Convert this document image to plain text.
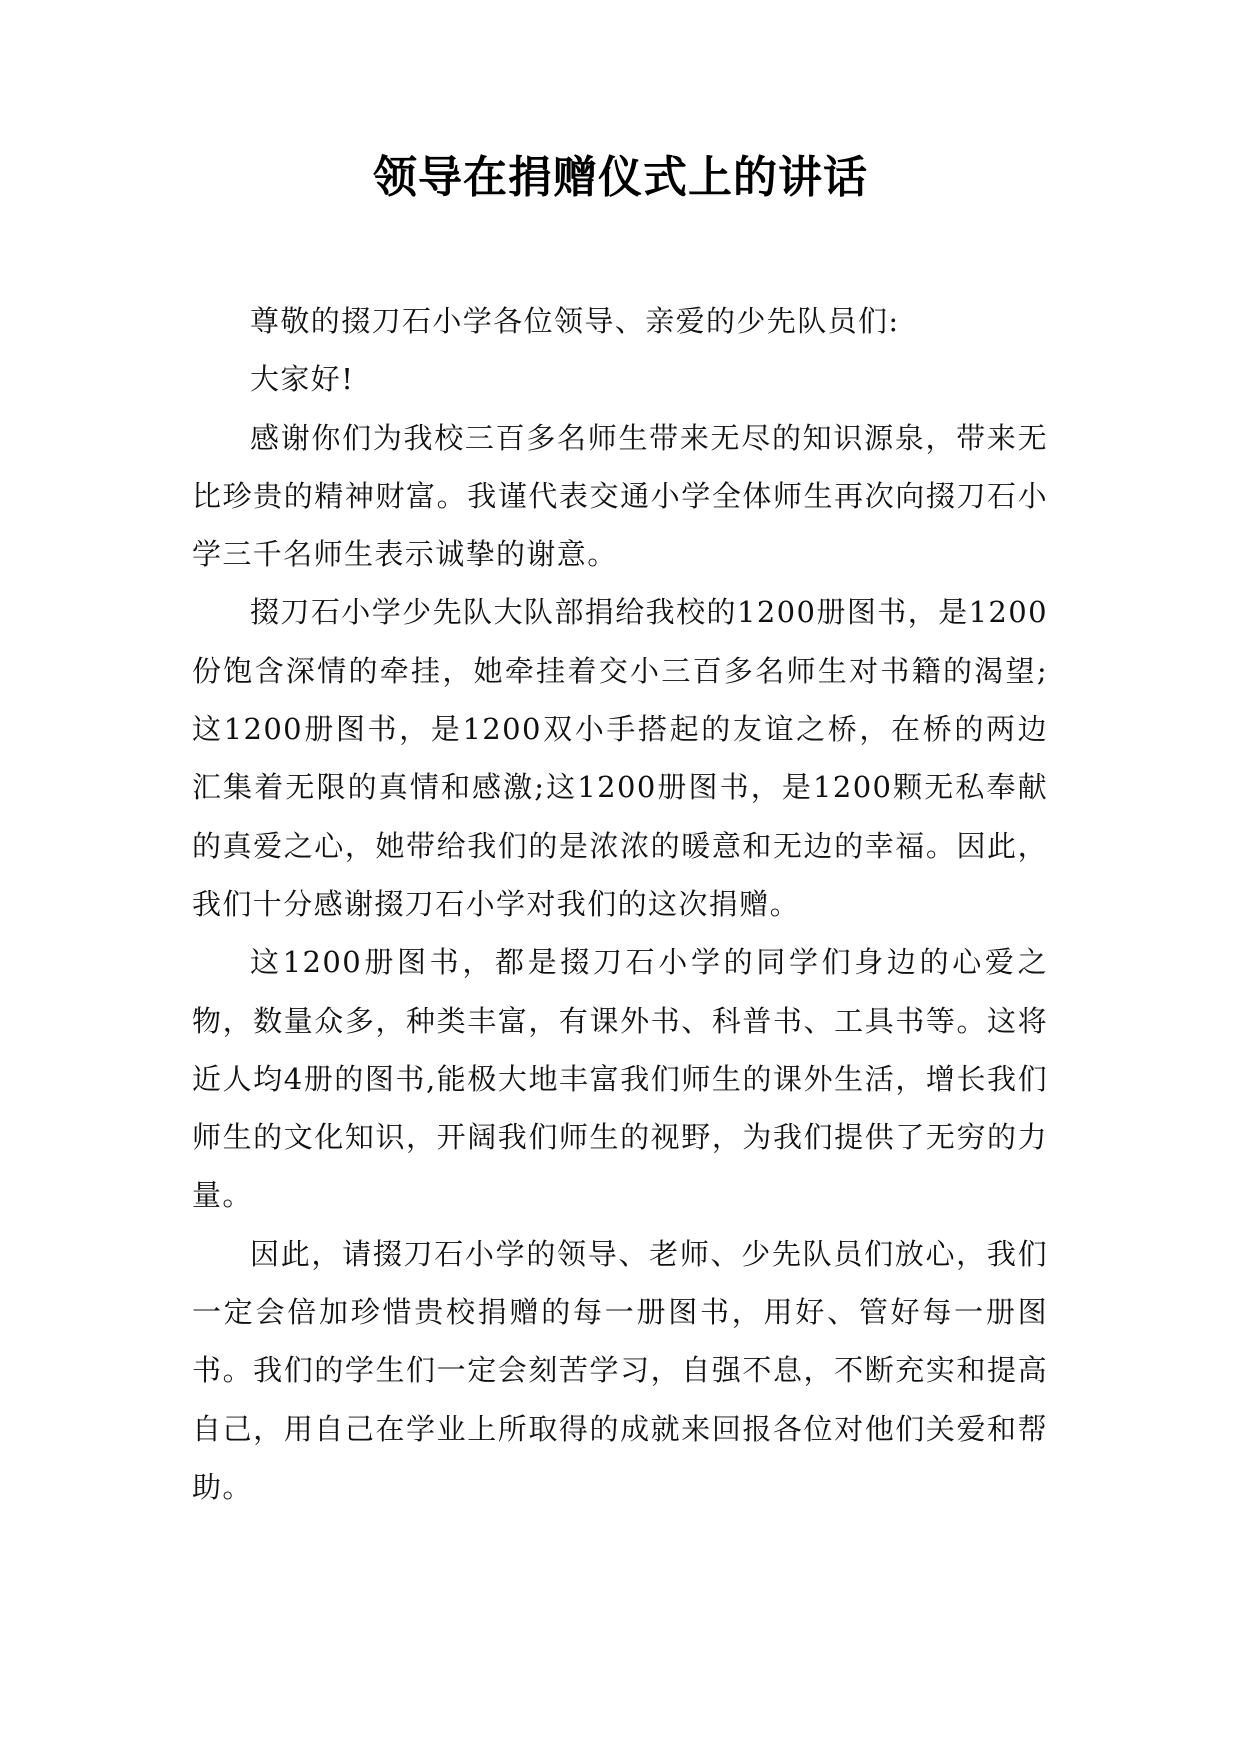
领导在捐赠仪式上的讲话

尊敬的掇刀石小学各位领导、亲爱的少先队员们:

大家好!

感谢你们为我校三百多名师生带来无尽的知识源泉，带来无比珍贵的精神财富。我谨代表交通小学全体师生再次向掇刀石小学三千名师生表示诚挚的谢意。

掇刀石小学少先队大队部捐给我校的1200册图书，是1200份饱含深情的牵挂，她牵挂着交小三百多名师生对书籍的渴望;这1200册图书，是1200双小手搭起的友谊之桥，在桥的两边汇集着无限的真情和感激;这1200册图书，是1200颗无私奉献的真爱之心，她带给我们的是浓浓的暖意和无边的幸福。因此，我们十分感谢掇刀石小学对我们的这次捐赠。

这1200册图书，都是掇刀石小学的同学们身边的心爱之物，数量众多，种类丰富，有课外书、科普书、工具书等。这将近人均4册的图书,能极大地丰富我们师生的课外生活，增长我们师生的文化知识，开阔我们师生的视野，为我们提供了无穷的力量。

因此，请掇刀石小学的领导、老师、少先队员们放心，我们一定会倍加珍惜贵校捐赠的每一册图书，用好、管好每一册图书。我们的学生们一定会刻苦学习，自强不息，不断充实和提高自己，用自己在学业上所取得的成就来回报各位对他们关爱和帮助。
